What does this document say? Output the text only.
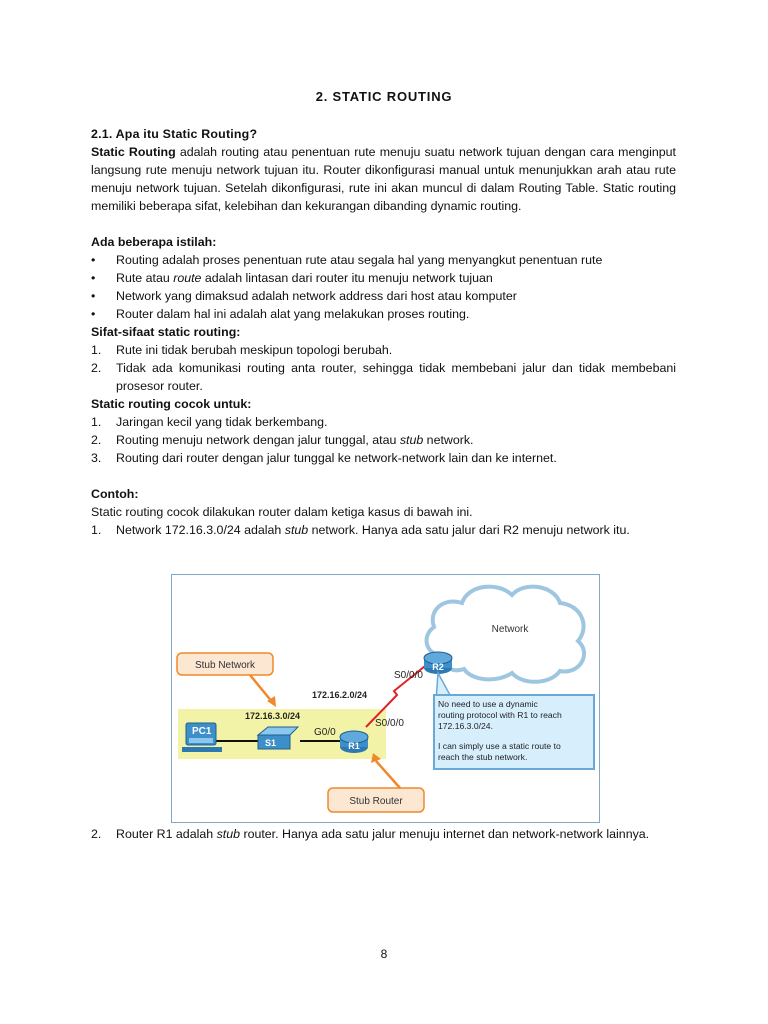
2. STATIC ROUTING
2.1. Apa itu Static Routing?
Static Routing adalah routing atau penentuan rute menuju suatu network tujuan dengan cara menginput langsung rute menuju network tujuan itu. Router dikonfigurasi manual untuk menunjukkan arah atau rute menuju network tujuan. Setelah dikonfigurasi, rute ini akan muncul di dalam Routing Table. Static routing memiliki beberapa sifat, kelebihan dan kekurangan dibanding dynamic routing.
Ada beberapa istilah:
• Routing adalah proses penentuan rute atau segala hal yang menyangkut penentuan rute
• Rute atau route adalah lintasan dari router itu menuju network tujuan
• Network yang dimaksud adalah network address dari host atau komputer
• Router dalam hal ini adalah alat yang melakukan proses routing.
Sifat-sifaat static routing:
1. Rute ini tidak berubah meskipun topologi berubah.
2. Tidak ada komunikasi routing anta router, sehingga tidak membebani jalur dan tidak membebani prosesor router.
Static routing cocok untuk:
1. Jaringan kecil yang tidak berkembang.
2. Routing menuju network dengan jalur tunggal, atau stub network.
3. Routing dari router dengan jalur tunggal ke network-network lain dan ke internet.
Contoh:
Static routing cocok dilakukan router dalam ketiga kasus di bawah ini.
1. Network 172.16.3.0/24 adalah stub network. Hanya ada satu jalur dari R2 menuju network itu.
Network
PC1
S1	R1
R2
G0/0
S0/0/0
S0/0/0
172.16.2.0/24
172.16.3.0/24
Stub Network
Stub Router
No need to use a dynamic
routing protocol with R1 to reach
172.16.3.0/24.
I can simply use a static route to
reach the stub network.
2. Router R1 adalah stub router. Hanya ada satu jalur menuju internet dan network-network lainnya.
8
